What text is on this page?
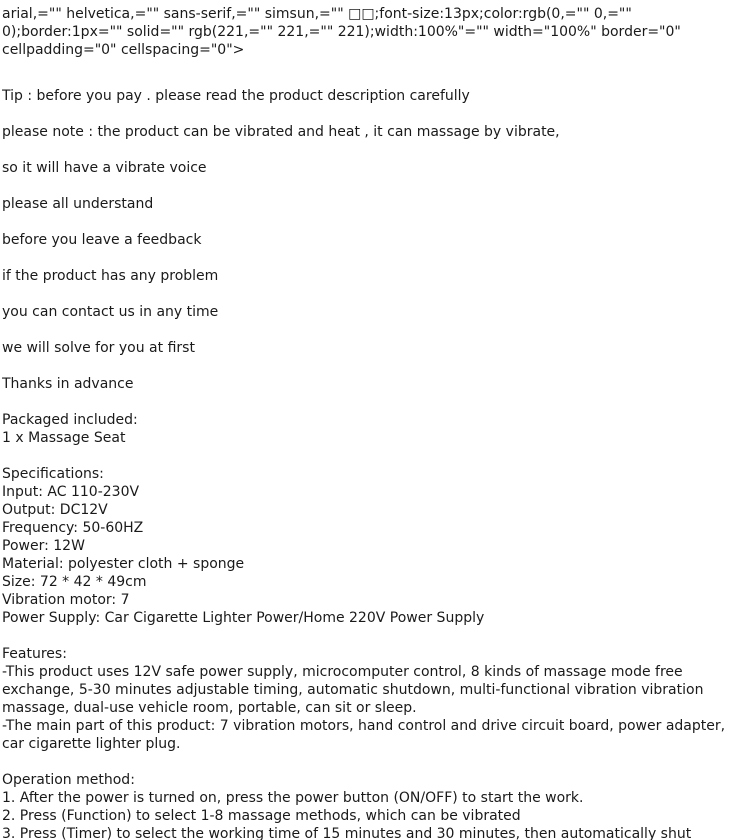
arial,="" helvetica,="" sans-serif,="" simsun,="" □□;font-size:13px;color:rgb(0,="" 0,="" 0);border:1px="" solid="" rgb(221,="" 221,="" 221);width:100%"="" width="100%" border="0" cellpadding="0" cellspacing="0">

Tip : before you pay . please read the product description carefully

please note : the product can be vibrated and heat , it can massage by vibrate,

so it will have a vibrate voice

please all understand

before you leave a feedback

if the product has any problem

you can contact us in any time

we will solve for you at first

Thanks in advance

Packaged included:

1 x Massage Seat

Specifications:

Input: AC 110-230V

Output: DC12V

Frequency: 50-60HZ

Power: 12W

Material: polyester cloth + sponge

Size: 72 * 42 * 49cm

Vibration motor: 7

Power Supply: Car Cigarette Lighter Power/Home 220V Power Supply

Features:

-This product uses 12V safe power supply, microcomputer control, 8 kinds of massage mode free exchange, 5-30 minutes adjustable timing, automatic shutdown, multi-functional vibration vibration massage, dual-use vehicle room, portable, can sit or sleep.

-The main part of this product: 7 vibration motors, hand control and drive circuit board, power adapter, car cigarette lighter plug.

Operation method:

1. After the power is turned on, press the power button (ON/OFF) to start the work.

2. Press (Function) to select 1-8 massage methods, which can be vibrated

3. Press (Timer) to select the working time of 15 minutes and 30 minutes, then automatically shut
